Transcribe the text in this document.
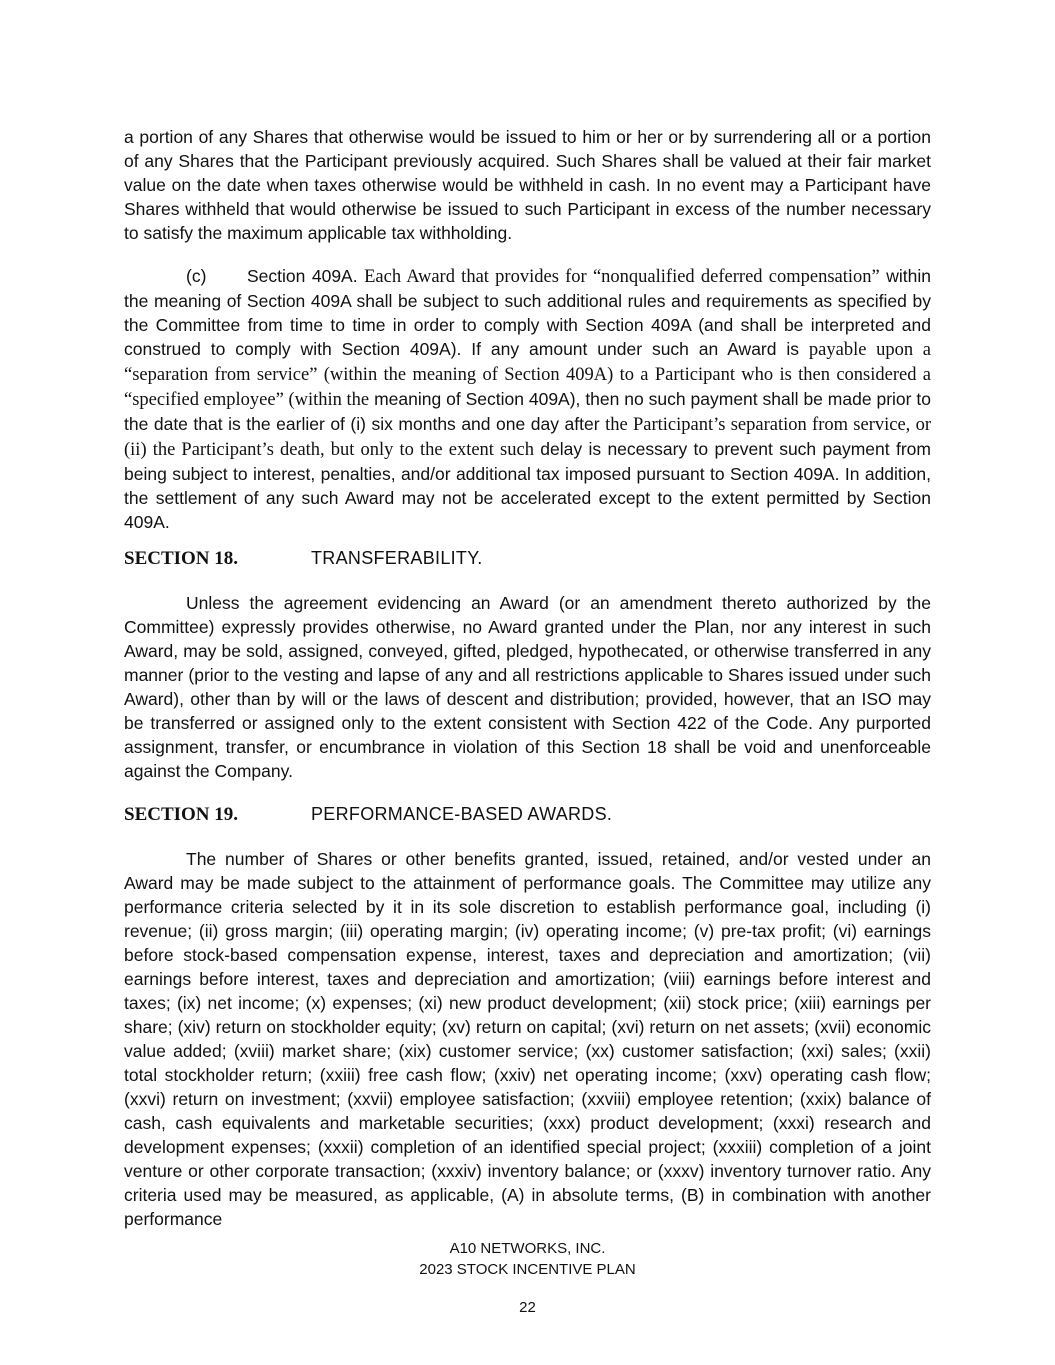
a portion of any Shares that otherwise would be issued to him or her or by surrendering all or a portion of any Shares that the Participant previously acquired. Such Shares shall be valued at their fair market value on the date when taxes otherwise would be withheld in cash. In no event may a Participant have Shares withheld that would otherwise be issued to such Participant in excess of the number necessary to satisfy the maximum applicable tax withholding.

(c) Section 409A. Each Award that provides for “nonqualified deferred compensation” within the meaning of Section 409A shall be subject to such additional rules and requirements as specified by the Committee from time to time in order to comply with Section 409A (and shall be interpreted and construed to comply with Section 409A). If any amount under such an Award is payable upon a “separation from service” (within the meaning of Section 409A) to a Participant who is then considered a “specified employee” (within the meaning of Section 409A), then no such payment shall be made prior to the date that is the earlier of (i) six months and one day after the Participant’s separation from service, or (ii) the Participant’s death, but only to the extent such delay is necessary to prevent such payment from being subject to interest, penalties, and/or additional tax imposed pursuant to Section 409A. In addition, the settlement of any such Award may not be accelerated except to the extent permitted by Section 409A.

SECTION 18.	TRANSFERABILITY.

Unless the agreement evidencing an Award (or an amendment thereto authorized by the Committee) expressly provides otherwise, no Award granted under the Plan, nor any interest in such Award, may be sold, assigned, conveyed, gifted, pledged, hypothecated, or otherwise transferred in any manner (prior to the vesting and lapse of any and all restrictions applicable to Shares issued under such Award), other than by will or the laws of descent and distribution; provided, however, that an ISO may be transferred or assigned only to the extent consistent with Section 422 of the Code. Any purported assignment, transfer, or encumbrance in violation of this Section 18 shall be void and unenforceable against the Company.

SECTION 19.	PERFORMANCE-BASED AWARDS.

The number of Shares or other benefits granted, issued, retained, and/or vested under an Award may be made subject to the attainment of performance goals. The Committee may utilize any performance criteria selected by it in its sole discretion to establish performance goal, including (i) revenue; (ii) gross margin; (iii) operating margin; (iv) operating income; (v) pre-tax profit; (vi) earnings before stock-based compensation expense, interest, taxes and depreciation and amortization; (vii) earnings before interest, taxes and depreciation and amortization; (viii) earnings before interest and taxes; (ix) net income; (x) expenses; (xi) new product development; (xii) stock price; (xiii) earnings per share; (xiv) return on stockholder equity; (xv) return on capital; (xvi) return on net assets; (xvii) economic value added; (xviii) market share; (xix) customer service; (xx) customer satisfaction; (xxi) sales; (xxii) total stockholder return; (xxiii) free cash flow; (xxiv) net operating income; (xxv) operating cash flow; (xxvi) return on investment; (xxvii) employee satisfaction; (xxviii) employee retention; (xxix) balance of cash, cash equivalents and marketable securities; (xxx) product development; (xxxi) research and development expenses; (xxxii) completion of an identified special project; (xxxiii) completion of a joint venture or other corporate transaction; (xxxiv) inventory balance; or (xxxv) inventory turnover ratio. Any criteria used may be measured, as applicable, (A) in absolute terms, (B) in combination with another performance

A10 NETWORKS, INC.
2023 STOCK INCENTIVE PLAN
22
